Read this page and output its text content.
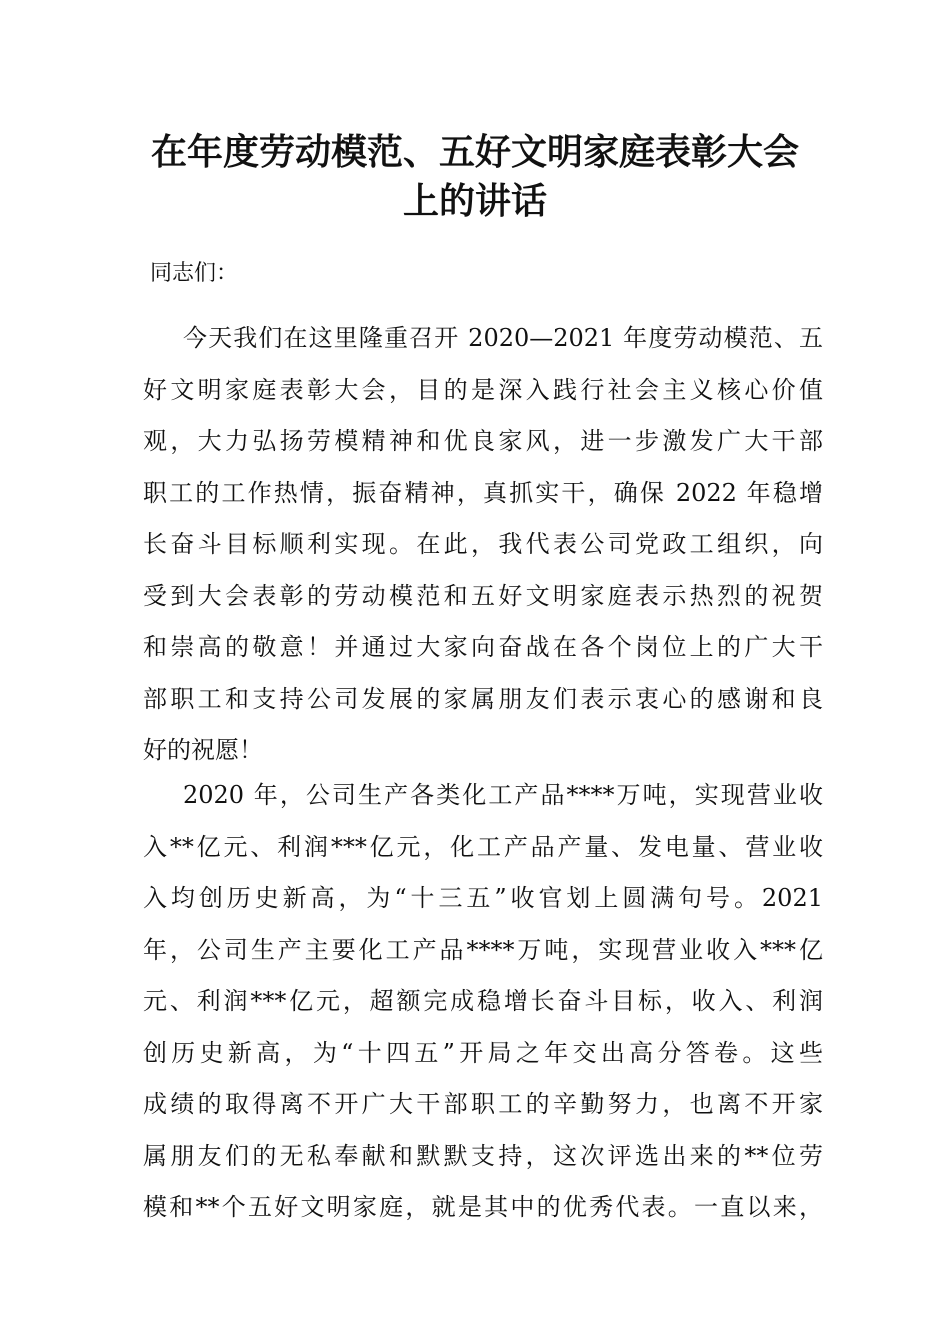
在年度劳动模范、五好文明家庭表彰大会
上的讲话
同志们：
今天我们在这里隆重召开 2020—2021 年度劳动模范、五
好文明家庭表彰大会，目的是深入践行社会主义核心价值
观，大力弘扬劳模精神和优良家风，进一步激发广大干部
职工的工作热情，振奋精神，真抓实干，确保 2022 年稳增
长奋斗目标顺利实现。在此，我代表公司党政工组织，向
受到大会表彰的劳动模范和五好文明家庭表示热烈的祝贺
和崇高的敬意！并通过大家向奋战在各个岗位上的广大干
部职工和支持公司发展的家属朋友们表示衷心的感谢和良
好的祝愿！
2020 年，公司生产各类化工产品****万吨，实现营业收
入**亿元、利润***亿元，化工产品产量、发电量、营业收
入均创历史新高，为“十三五”收官划上圆满句号。2021
年，公司生产主要化工产品****万吨，实现营业收入***亿
元、利润***亿元，超额完成稳增长奋斗目标，收入、利润
创历史新高，为“十四五”开局之年交出高分答卷。这些
成绩的取得离不开广大干部职工的辛勤努力，也离不开家
属朋友们的无私奉献和默默支持，这次评选出来的**位劳
模和**个五好文明家庭，就是其中的优秀代表。一直以来，
